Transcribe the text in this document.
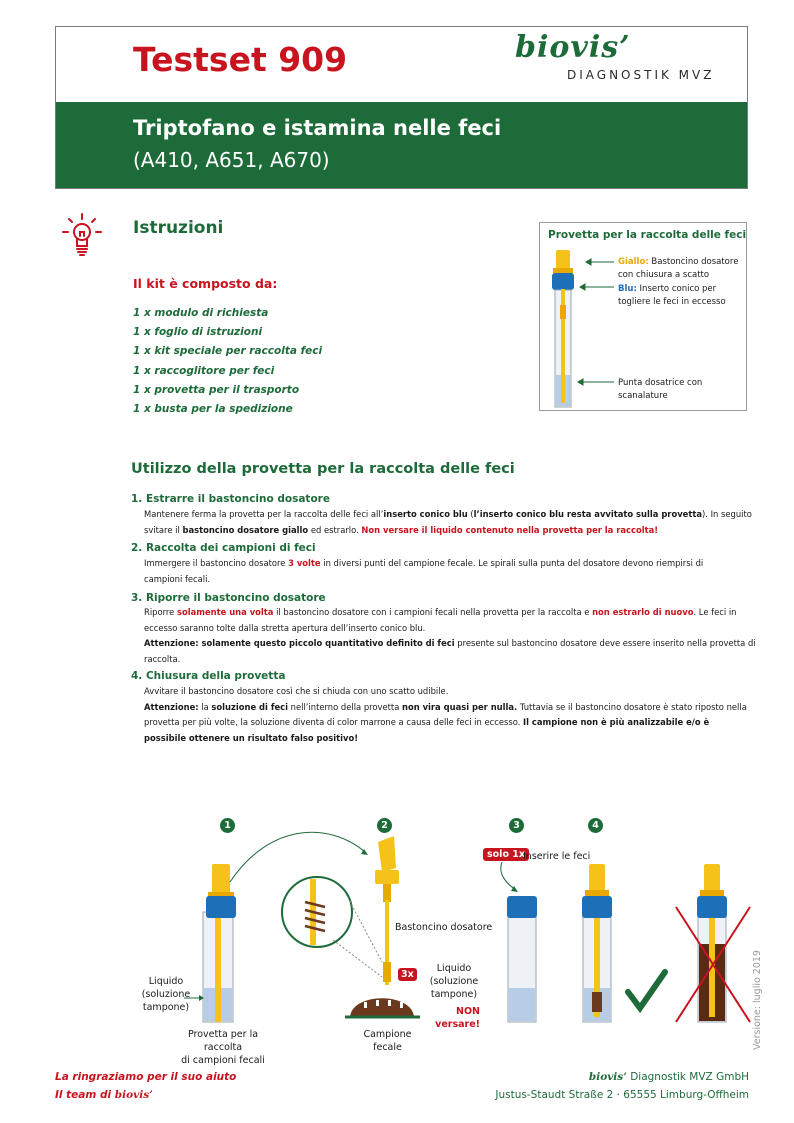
Testset 909	biovis’
DIAGNOSTIK MVZ
Triptofano e istamina nelle feci
(A410, A651, A670)
Istruzioni
Il kit è composto da:
1 x modulo di richiesta
1 x foglio di istruzioni
1 x kit speciale per raccolta feci
1 x raccoglitore per feci
1 x provetta per il trasporto
1 x busta per la spedizione
Provetta per la raccolta delle feci
Giallo: Bastoncino dosatore
con chiusura a scatto
Blu: Inserto conico per
togliere le feci in eccesso
Punta dosatrice con
scanalature
Utilizzo della provetta per la raccolta delle feci
1. Estrarre il bastoncino dosatore
Mantenere ferma la provetta per la raccolta delle feci all’inserto conico blu (l’inserto conico blu resta avvitato sulla provetta). In seguito
svitare il bastoncino dosatore giallo ed estrarlo. Non versare il liquido contenuto nella provetta per la raccolta!
2. Raccolta dei campioni di feci
Immergere il bastoncino dosatore 3 volte in diversi punti del campione fecale. Le spirali sulla punta del dosatore devono riempirsi di
campioni fecali.
3. Riporre il bastoncino dosatore
Riporre solamente una volta il bastoncino dosatore con i campioni fecali nella provetta per la raccolta e non estrarlo di nuovo. Le feci in
eccesso saranno tolte dalla stretta apertura dell’inserto conico blu.
Attenzione: solamente questo piccolo quantitativo definito di feci presente sul bastoncino dosatore deve essere inserito nella provetta di
raccolta.
4. Chiusura della provetta
Avvitare il bastoncino dosatore così che si chiuda con uno scatto udibile.
Attenzione: la soluzione di feci nell’interno della provetta non vira quasi per nulla. Tuttavia se il bastoncino dosatore è stato riposto nella
provetta per più volte, la soluzione diventa di color marrone a causa delle feci in eccesso. Il campione non è più analizzabile e/o è
possibile ottenere un risultato falso positivo!
1	2	3	4
solo 1x
Inserire le feci
3x
Liquido
(soluzione
tampone)
Provetta per la raccolta
di campioni fecali
Bastoncino dosatore
Campione fecale
Liquido
(soluzione
tampone)
NON
versare!	Versione: luglio 2019
La ringraziamo per il suo aiuto
Il team di biovis’
biovis’ Diagnostik MVZ GmbH
Justus-Staudt Straße 2 · 65555 Limburg-Offheim
